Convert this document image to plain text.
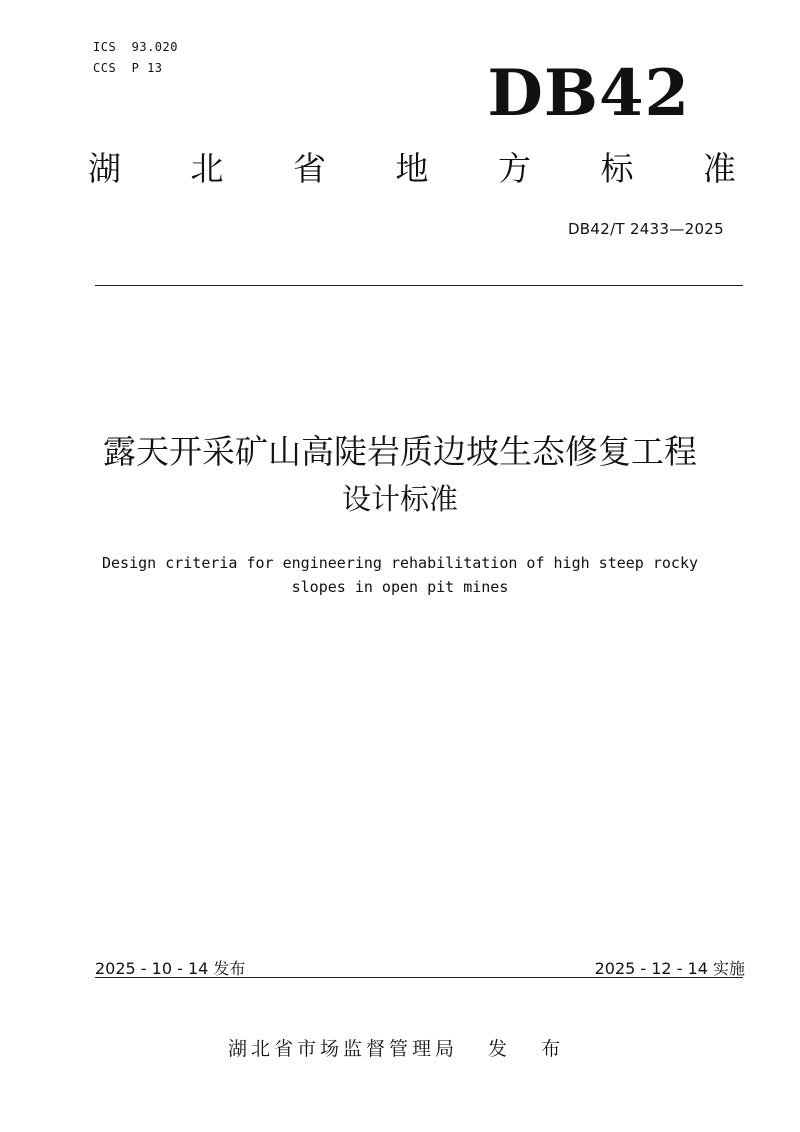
ICS  93.020
CCS  P 13	DB42
湖 北 省 地 方 标 准
DB42/T 2433—2025
露天开采矿山高陡岩质边坡生态修复工程
设计标准
Design criteria for engineering rehabilitation of high steep rocky
slopes in open pit mines
2025 - 10 - 14 发布	2025 - 12 - 14 实施
湖北省市场监督管理局 发 布
